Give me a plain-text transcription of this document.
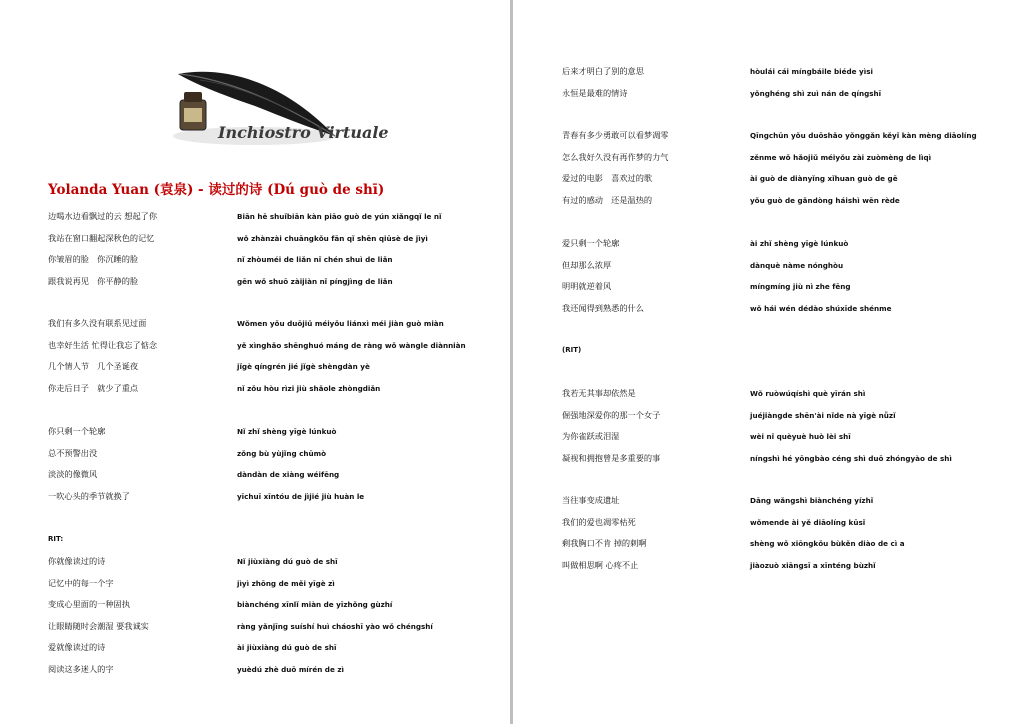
Inchiostro Virtuale
Yolanda Yuan (袁泉) - 读过的诗 (Dú guò de shī)
边喝水边看飘过的云 想起了你	Biān hē shuǐbiān kàn piāo guò de yún xiǎngqǐ le nǐ
我站在窗口翻起深秋色的记忆	wǒ zhànzài chuāngkǒu fān qǐ shēn qiūsè de jìyì
你皱眉的脸　你沉睡的脸	nǐ zhòuméi de liǎn nǐ chén shuì de liǎn
跟我说再见　你平静的脸	gēn wǒ shuō zàijiàn nǐ píngjìng de liǎn
我们有多久没有联系见过面	Wǒmen yǒu duōjiǔ méiyǒu liánxì méi jiàn guò miàn
也幸好生活 忙得让我忘了惦念	yě xìnghǎo shēnghuó máng de ràng wǒ wàngle diànniàn
几个情人节　几个圣诞夜	jǐgè qíngrén jié jǐgè shèngdàn yè
你走后日子　就少了重点	nǐ zǒu hòu rìzi jiù shǎole zhòngdiǎn
你只剩一个轮廓	Nǐ zhǐ shèng yīgè lúnkuò
总不预警出没	zǒng bù yùjǐng chūmò
淡淡的像微风	dàndàn de xiàng wéifēng
一吹心头的季节就换了	yīchuī xīntóu de jìjié jiù huàn le
RIT:
你就像读过的诗	Nǐ jiùxiàng dú guò de shī
记忆中的每一个字	jìyì zhōng de měi yīgè zì
变成心里面的一种固执	biànchéng xīnlǐ miàn de yīzhǒng gùzhí
让眼睛随时会潮湿 要我诚实	ràng yǎnjīng suíshí huì cháoshī yào wǒ chéngshí
爱就像读过的诗	ài jiùxiàng dú guò de shī
阅读这多迷人的字	yuèdú zhè duō mírén de zì
后来才明白了别的意思	hòulái cái míngbáile biéde yìsi
永恒是最难的情诗	yǒnghéng shì zuì nán de qíngshī
青春有多少勇敢可以看梦凋零	Qīngchūn yǒu duōshǎo yǒnggǎn kěyǐ kàn mèng diāolíng
怎么我好久没有再作梦的力气	zěnme wǒ hǎojiǔ méiyǒu zài zuòmèng de lìqì
爱过的电影　喜欢过的歌	ài guò de diànyǐng xǐhuan guò de gē
有过的感动　还是温热的	yǒu guò de gǎndòng háishì wēn rède
爱只剩一个轮廓	ài zhǐ shèng yīgè lúnkuò
但却那么浓厚	dànquè nàme nónghòu
明明就逆着风	míngmíng jiù nì zhe fēng
我还闻得到熟悉的什么	wǒ hái wén dédào shúxīde shénme
(RIT)
我若无其事却依然是	Wǒ ruòwúqíshì què yīrán shì
倔强地深爱你的那一个女子	juéjiàngde shēn'ài nǐde nà yīgè nǚzǐ
为你雀跃或泪湿	wèi nǐ quèyuè huò lèi shī
凝视和拥抱曾是多重要的事	níngshì hé yōngbào céng shì duō zhóngyào de shì
当往事变成遗址	Dāng wǎngshì biànchéng yízhǐ
我们的爱也凋零枯死	wǒmende ài yě diāolíng kūsǐ
剩我胸口不肯 掉的刺啊	shèng wǒ xiōngkǒu bùkěn diào de cì a
叫做相思啊 心疼不止	jiàozuò xiāngsī a xīnténg bùzhǐ
